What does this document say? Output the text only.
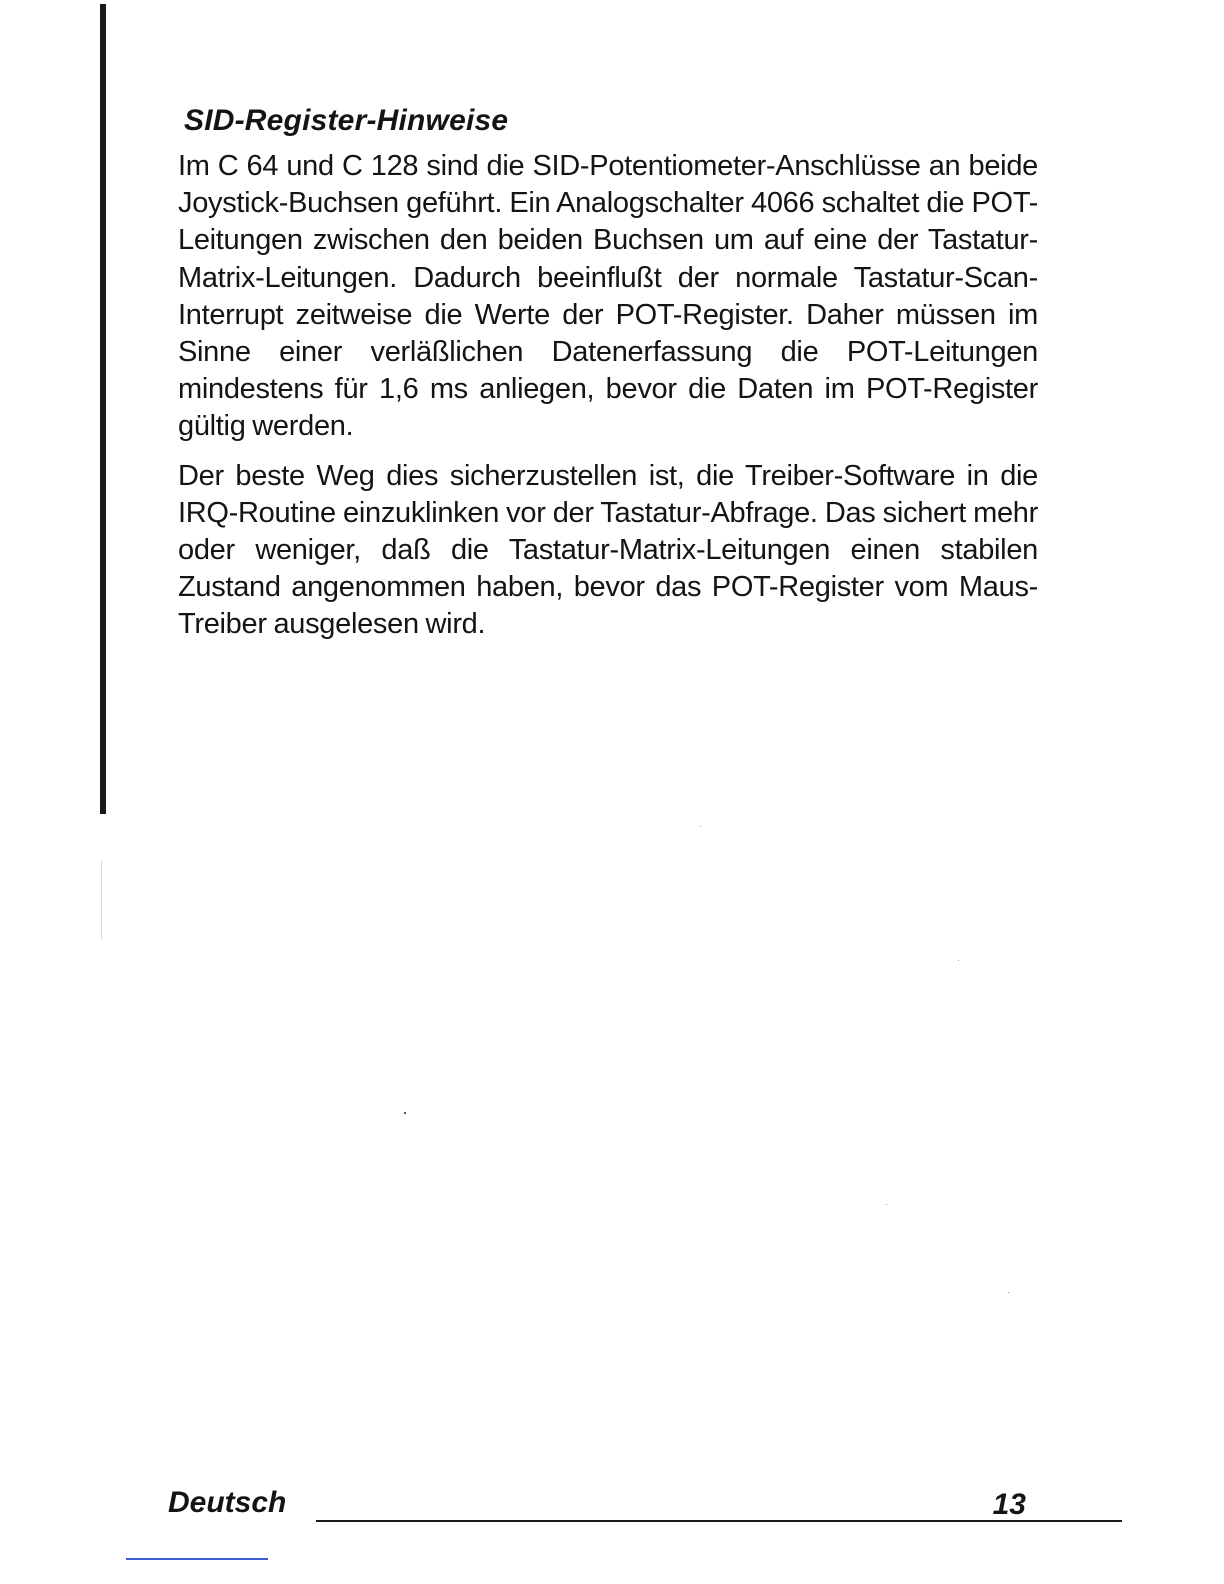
SID-Register-Hinweise

Im C 64 und C 128 sind die SID-Potentiometer-Anschlüsse an beide Joystick-Buchsen geführt. Ein Analogschalter 4066 schaltet die POT-Leitungen zwischen den beiden Buchsen um auf eine der Tastatur-Matrix-Leitungen. Dadurch beeinflußt der normale Tastatur-Scan-Interrupt zeitweise die Werte der POT-Register. Daher müssen im Sinne einer verläßlichen Datenerfassung die POT-Leitungen mindestens für 1,6 ms anliegen, bevor die Daten im POT-Register gültig werden.

Der beste Weg dies sicherzustellen ist, die Treiber-Software in die IRQ-Routine einzuklinken vor der Tastatur-Abfrage. Das sichert mehr oder weniger, daß die Tastatur-Matrix-Leitungen einen stabilen Zustand angenommen haben, bevor das POT-Register vom Maus-Treiber ausgelesen wird.

Deutsch	13
